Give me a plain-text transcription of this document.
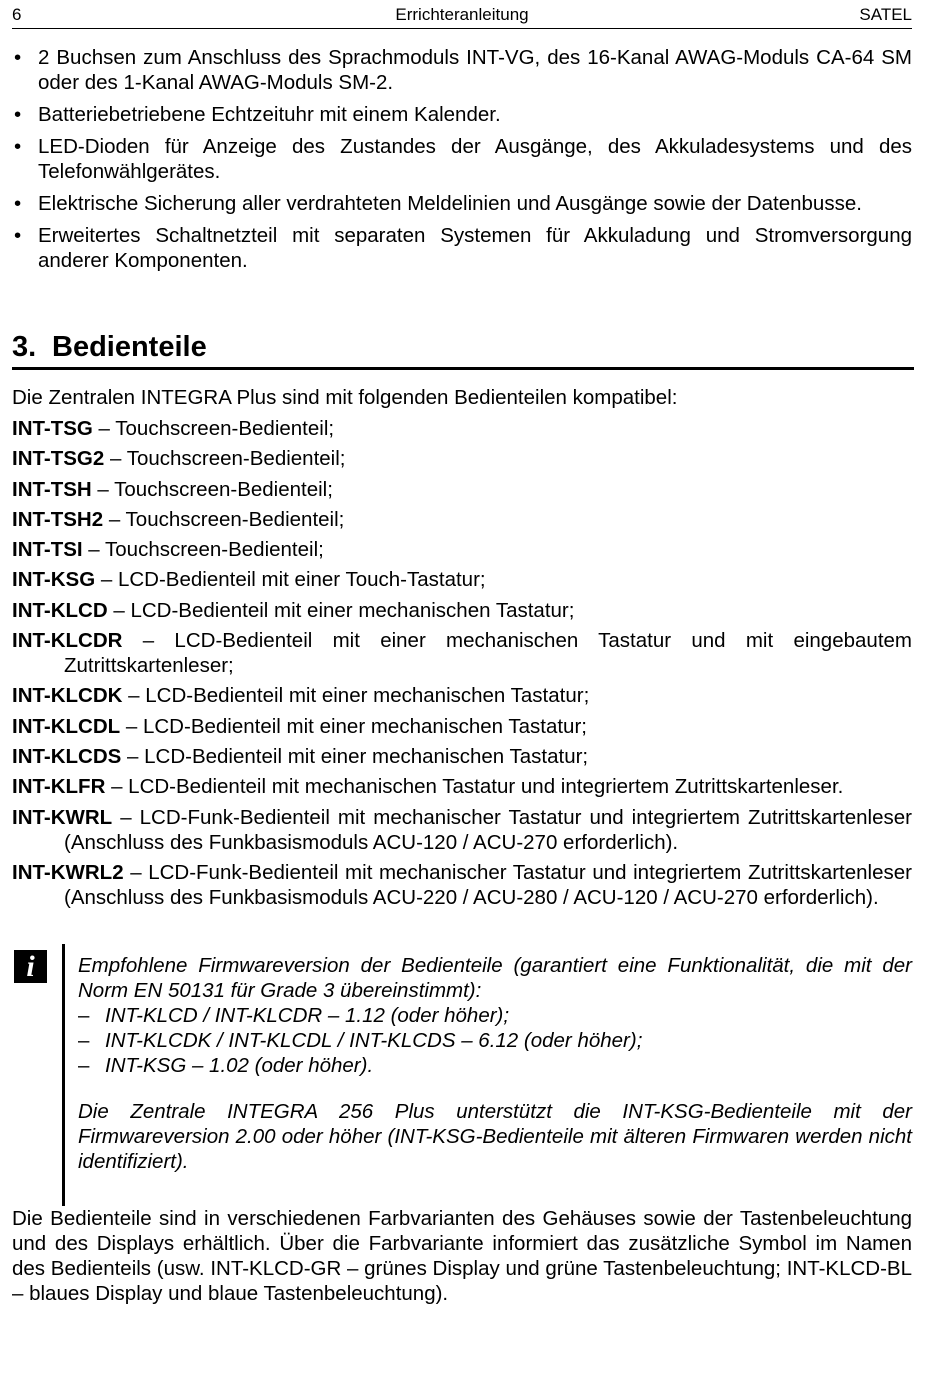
6	Errichteranleitung	SATEL
• 2 Buchsen zum Anschluss des Sprachmoduls INT-VG, des 16-Kanal AWAG-Moduls CA-64 SM oder des 1-Kanal AWAG-Moduls SM-2.
• Batteriebetriebene Echtzeituhr mit einem Kalender.
• LED-Dioden für Anzeige des Zustandes der Ausgänge, des Akkuladesystems und des Telefonwählgerätes.
• Elektrische Sicherung aller verdrahteten Meldelinien und Ausgänge sowie der Datenbusse.
• Erweitertes Schaltnetzteil mit separaten Systemen für Akkuladung und Stromversorgung anderer Komponenten.
3. Bedienteile
Die Zentralen INTEGRA Plus sind mit folgenden Bedienteilen kompatibel:
INT-TSG – Touchscreen-Bedienteil;
INT-TSG2 – Touchscreen-Bedienteil;
INT-TSH – Touchscreen-Bedienteil;
INT-TSH2 – Touchscreen-Bedienteil;
INT-TSI – Touchscreen-Bedienteil;
INT-KSG – LCD-Bedienteil mit einer Touch-Tastatur;
INT-KLCD – LCD-Bedienteil mit einer mechanischen Tastatur;
INT-KLCDR – LCD-Bedienteil mit einer mechanischen Tastatur und mit eingebautem Zutrittskartenleser;
INT-KLCDK – LCD-Bedienteil mit einer mechanischen Tastatur;
INT-KLCDL – LCD-Bedienteil mit einer mechanischen Tastatur;
INT-KLCDS – LCD-Bedienteil mit einer mechanischen Tastatur;
INT-KLFR – LCD-Bedienteil mit mechanischen Tastatur und integriertem Zutrittskartenleser.
INT-KWRL – LCD-Funk-Bedienteil mit mechanischer Tastatur und integriertem Zutrittskartenleser (Anschluss des Funkbasismoduls ACU-120 / ACU-270 erforderlich).
INT-KWRL2 – LCD-Funk-Bedienteil mit mechanischer Tastatur und integriertem Zutrittskartenleser (Anschluss des Funkbasismoduls ACU-220 / ACU-280 / ACU-120 / ACU-270 erforderlich).
i	Empfohlene Firmwareversion der Bedienteile (garantiert eine Funktionalität, die mit der Norm EN 50131 für Grade 3 übereinstimmt):

– INT-KLCD / INT-KLCDR – 1.12 (oder höher);

– INT-KLCDK / INT-KLCDL / INT-KLCDS – 6.12 (oder höher);

– INT-KSG – 1.02 (oder höher).

Die Zentrale INTEGRA 256 Plus unterstützt die INT-KSG-Bedienteile mit der Firmwareversion 2.00 oder höher (INT-KSG-Bedienteile mit älteren Firmwaren werden nicht identifiziert).

Die Bedienteile sind in verschiedenen Farbvarianten des Gehäuses sowie der Tastenbeleuchtung und des Displays erhältlich. Über die Farbvariante informiert das zusätzliche Symbol im Namen des Bedienteils (usw. INT-KLCD-GR – grünes Display und grüne Tastenbeleuchtung; INT-KLCD-BL – blaues Display und blaue Tastenbeleuchtung).
